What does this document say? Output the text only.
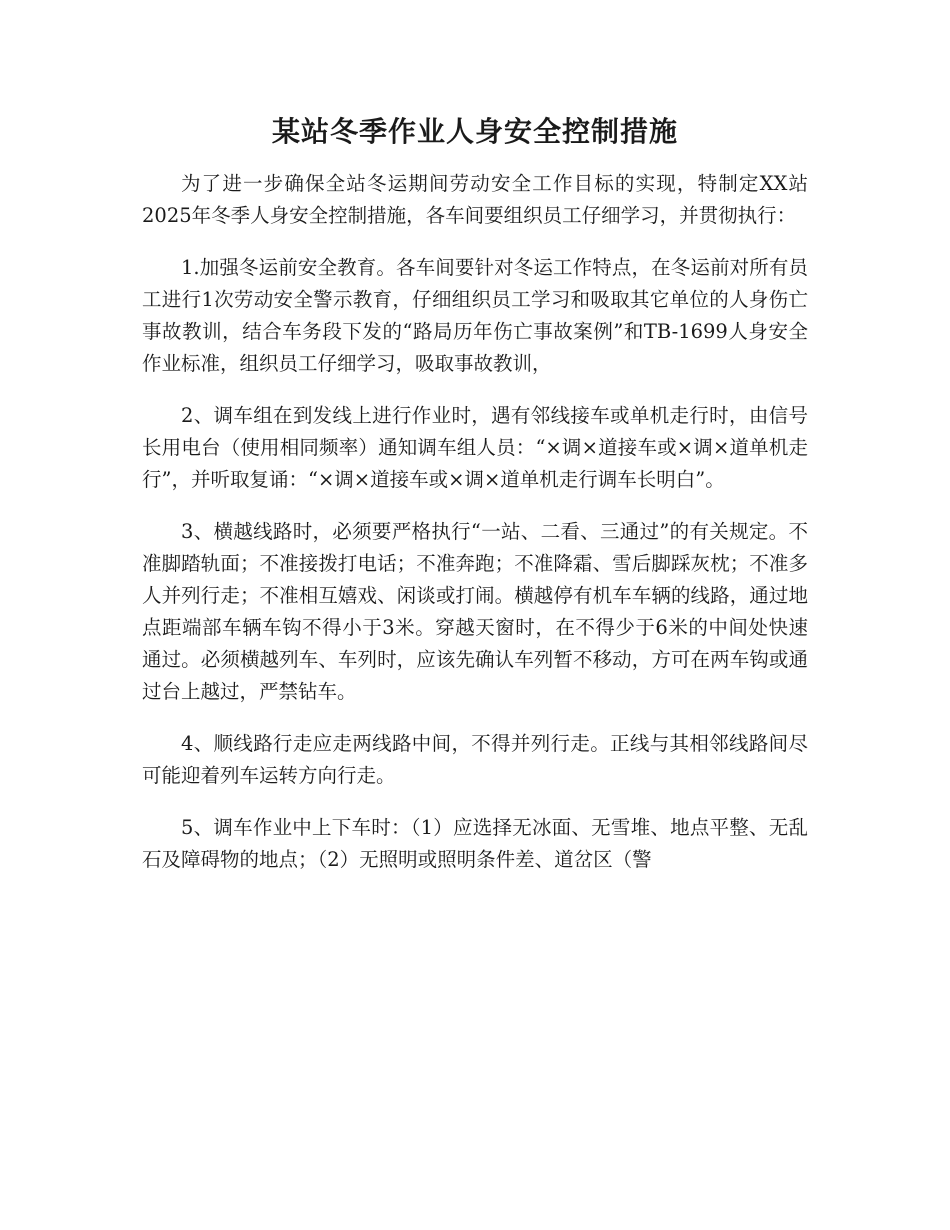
某站冬季作业人身安全控制措施

为了进一步确保全站冬运期间劳动安全工作目标的实现，特制定XX站2025年冬季人身安全控制措施，各车间要组织员工仔细学习，并贯彻执行：

1.加强冬运前安全教育。各车间要针对冬运工作特点，在冬运前对所有员工进行1次劳动安全警示教育，仔细组织员工学习和吸取其它单位的人身伤亡事故教训，结合车务段下发的“路局历年伤亡事故案例”和TB-1699人身安全作业标准，组织员工仔细学习，吸取事故教训，

2、调车组在到发线上进行作业时，遇有邻线接车或单机走行时，由信号长用电台（使用相同频率）通知调车组人员：“×调×道接车或×调×道单机走行”，并听取复诵：“×调×道接车或×调×道单机走行调车长明白”。

3、横越线路时，必须要严格执行“一站、二看、三通过”的有关规定。不准脚踏轨面；不准接拨打电话；不准奔跑；不准降霜、雪后脚踩灰枕；不准多人并列行走；不准相互嬉戏、闲谈或打闹。横越停有机车车辆的线路，通过地点距端部车辆车钩不得小于3米。穿越天窗时，在不得少于6米的中间处快速通过。必须横越列车、车列时，应该先确认车列暂不移动，方可在两车钩或通过台上越过，严禁钻车。

4、顺线路行走应走两线路中间，不得并列行走。正线与其相邻线路间尽可能迎着列车运转方向行走。

5、调车作业中上下车时：（1）应选择无冰面、无雪堆、地点平整、无乱石及障碍物的地点；（2）无照明或照明条件差、道岔区（警
